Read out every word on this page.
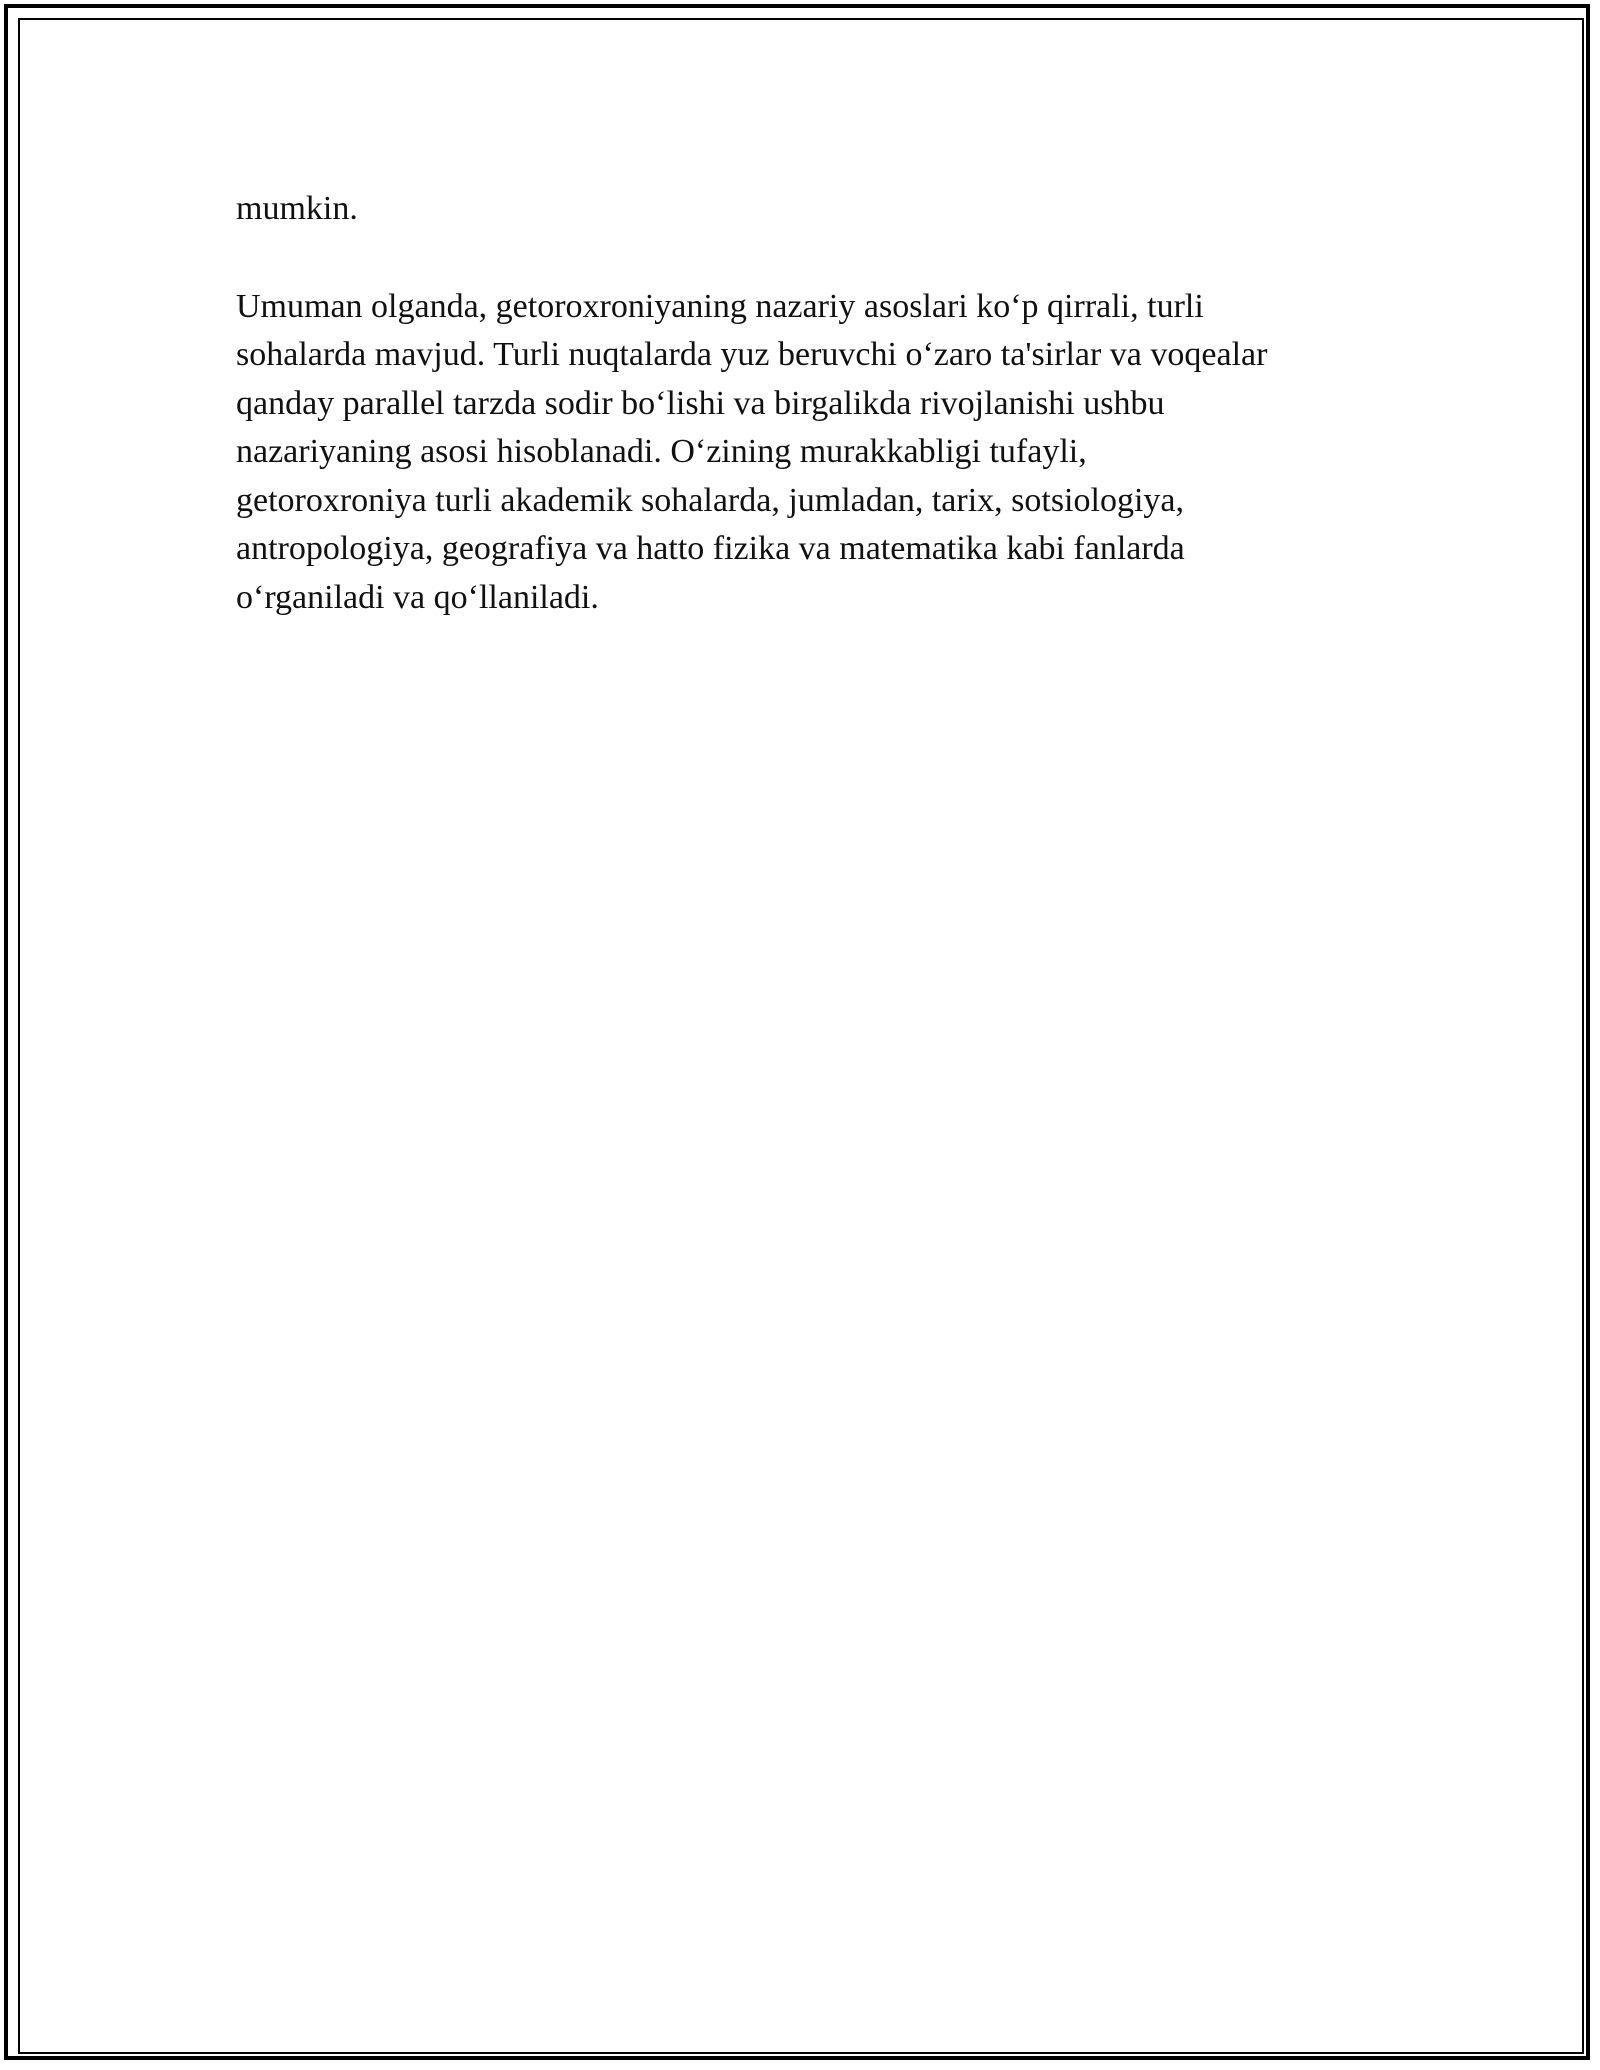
mumkin.

Umuman olganda, getoroxroniyaning nazariy asoslari koʻp qirrali, turli
sohalarda mavjud. Turli nuqtalarda yuz beruvchi oʻzaro ta'sirlar va voqealar
qanday parallel tarzda sodir boʻlishi va birgalikda rivojlanishi ushbu
nazariyaning asosi hisoblanadi. Oʻzining murakkabligi tufayli,
getoroxroniya turli akademik sohalarda, jumladan, tarix, sotsiologiya,
antropologiya, geografiya va hatto fizika va matematika kabi fanlarda
oʻrganiladi va qoʻllaniladi.
